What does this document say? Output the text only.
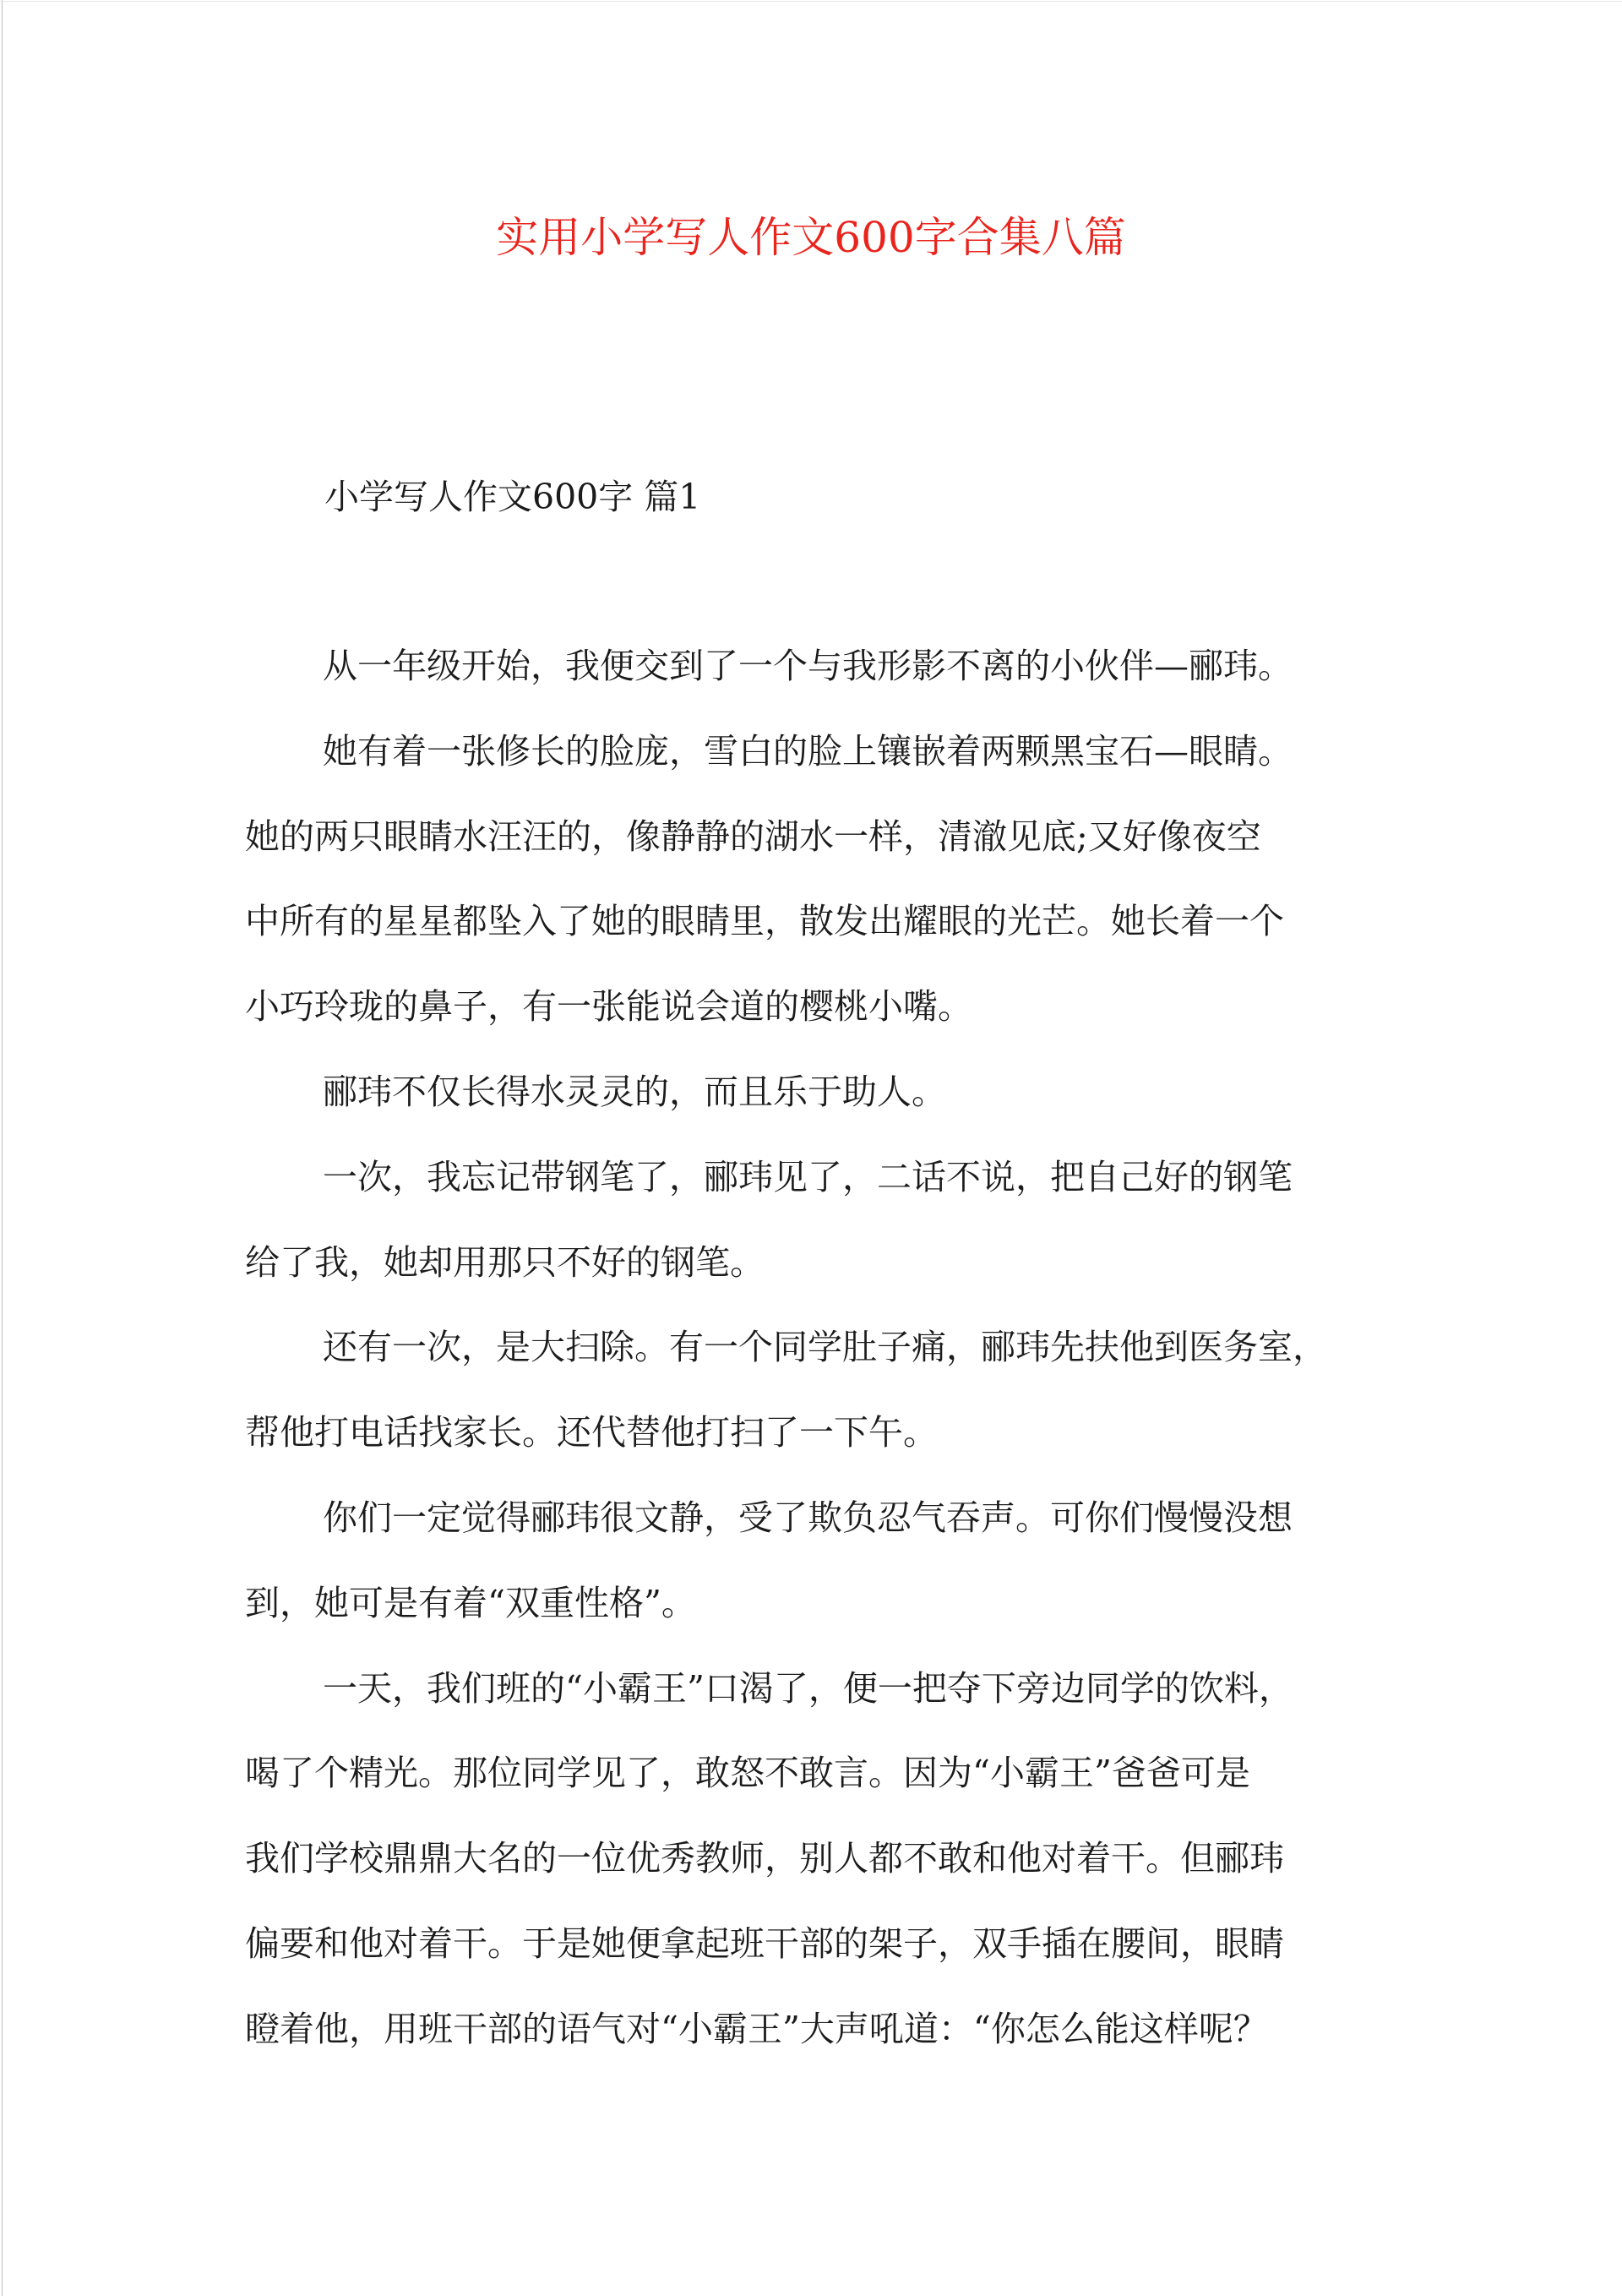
实用小学写人作文600字合集八篇
小学写人作文600字 篇1
从一年级开始，我便交到了一个与我形影不离的小伙伴—郦玮。
她有着一张修长的脸庞，雪白的脸上镶嵌着两颗黑宝石—眼睛。
她的两只眼睛水汪汪的，像静静的湖水一样，清澈见底;又好像夜空
中所有的星星都坠入了她的眼睛里，散发出耀眼的光芒。她长着一个
小巧玲珑的鼻子，有一张能说会道的樱桃小嘴。
郦玮不仅长得水灵灵的，而且乐于助人。
一次，我忘记带钢笔了，郦玮见了，二话不说，把自己好的钢笔
给了我，她却用那只不好的钢笔。
还有一次，是大扫除。有一个同学肚子痛，郦玮先扶他到医务室，
帮他打电话找家长。还代替他打扫了一下午。
你们一定觉得郦玮很文静，受了欺负忍气吞声。可你们慢慢没想
到，她可是有着“双重性格”。
一天，我们班的“小霸王”口渴了，便一把夺下旁边同学的饮料，
喝了个精光。那位同学见了，敢怒不敢言。因为“小霸王”爸爸可是
我们学校鼎鼎大名的一位优秀教师，别人都不敢和他对着干。但郦玮
偏要和他对着干。于是她便拿起班干部的架子，双手插在腰间，眼睛
瞪着他，用班干部的语气对“小霸王”大声吼道：“你怎么能这样呢？
